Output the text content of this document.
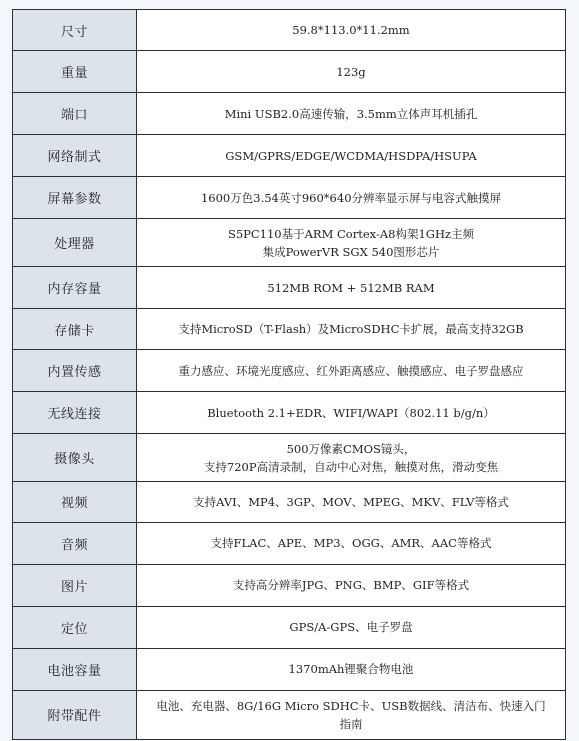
尺寸	59.8*113.0*11.2mm

重量	123g

端口	Mini USB2.0高速传输，3.5mm立体声耳机插孔

网络制式	GSM/GPRS/EDGE/WCDMA/HSDPA/HSUPA

屏幕参数	1600万色3.54英寸960*640分辨率显示屏与电容式触摸屏

处理器	S5PC110基于ARM Cortex-A8构架1GHz主频
集成PowerVR SGX 540图形芯片

内存容量	512MB ROM + 512MB RAM

存储卡	支持MicroSD（T-Flash）及MicroSDHC卡扩展，最高支持32GB

内置传感	重力感应、环境光度感应、红外距离感应、触摸感应、电子罗盘感应

无线连接	Bluetooth 2.1+EDR、WIFI/WAPI（802.11 b/g/n）

摄像头	500万像素CMOS镜头，
支持720P高清录制，自动中心对焦，触摸对焦，滑动变焦

视频	支持AVI、MP4、3GP、MOV、MPEG、MKV、FLV等格式

音频	支持FLAC、APE、MP3、OGG、AMR、AAC等格式

图片	支持高分辨率JPG、PNG、BMP、GIF等格式

定位	GPS/A-GPS、电子罗盘

电池容量	1370mAh锂聚合物电池

附带配件	电池、充电器、8G/16G Micro SDHC卡、USB数据线、清洁布、快速入门
指南
